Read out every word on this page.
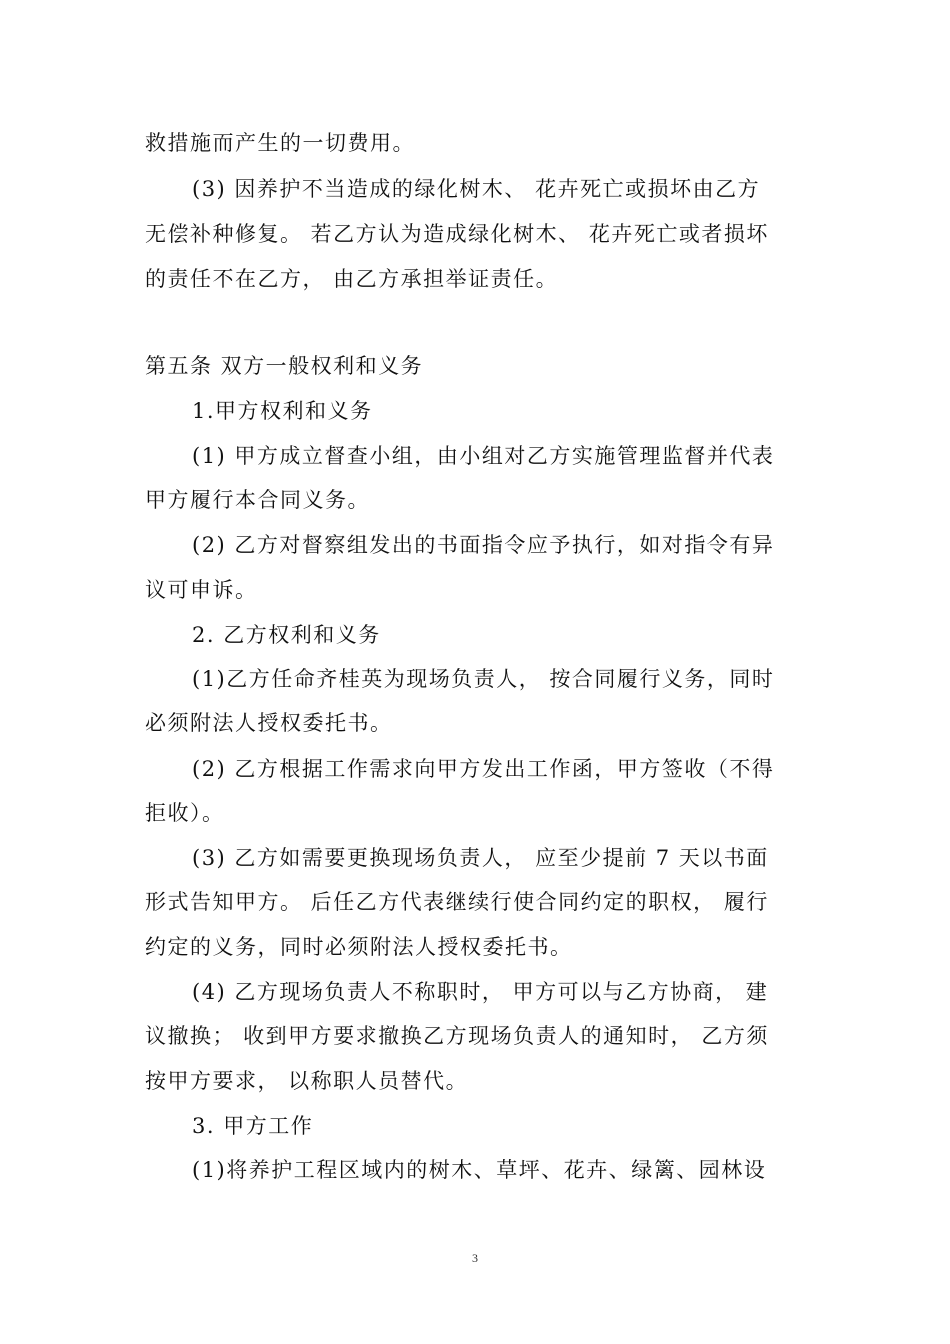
救措施而产生的一切费用。
(3) 因养护不当造成的绿化树木、 花卉死亡或损坏由乙方
无偿补种修复。 若乙方认为造成绿化树木、 花卉死亡或者损坏
的责任不在乙方， 由乙方承担举证责任。
第五条 双方一般权利和义务
1.甲方权利和义务
(1) 甲方成立督查小组，由小组对乙方实施管理监督并代表
甲方履行本合同义务。
(2) 乙方对督察组发出的书面指令应予执行，如对指令有异
议可申诉。
2. 乙方权利和义务
(1)乙方任命齐桂英为现场负责人， 按合同履行义务，同时
必须附法人授权委托书。
(2) 乙方根据工作需求向甲方发出工作函，甲方签收（不得
拒收）。
(3) 乙方如需要更换现场负责人， 应至少提前 7 天以书面
形式告知甲方。 后任乙方代表继续行使合同约定的职权， 履行
约定的义务，同时必须附法人授权委托书。
(4) 乙方现场负责人不称职时， 甲方可以与乙方协商， 建
议撤换； 收到甲方要求撤换乙方现场负责人的通知时， 乙方须
按甲方要求， 以称职人员替代。
3. 甲方工作
(1)将养护工程区域内的树木、草坪、花卉、绿篱、园林设
3
